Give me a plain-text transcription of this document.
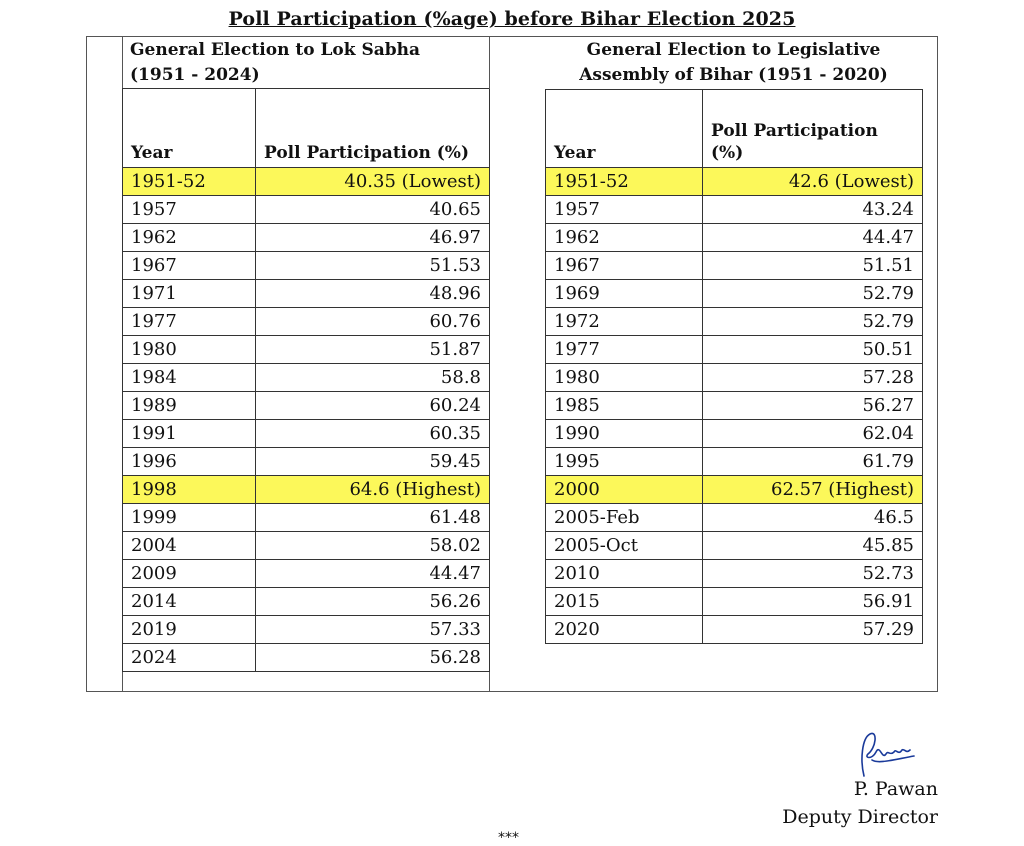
Poll Participation (%age) before Bihar Election 2025
General Election to Lok Sabha (1951 - 2024)
Year	Poll Participation (%)
1951-52	40.35 (Lowest)
1957	40.65
1962	46.97
1967	51.53
1971	48.96
1977	60.76
1980	51.87
1984	58.8
1989	60.24
1991	60.35
1996	59.45
1998	64.6 (Highest)
1999	61.48
2004	58.02
2009	44.47
2014	56.26
2019	57.33
2024	56.28
General Election to Legislative Assembly of Bihar (1951 - 2020)
Year	Poll Participation (%)
1951-52	42.6 (Lowest)
1957	43.24
1962	44.47
1967	51.51
1969	52.79
1972	52.79
1977	50.51
1980	57.28
1985	56.27
1990	62.04
1995	61.79
2000	62.57 (Highest)
2005-Feb	46.5
2005-Oct	45.85
2010	52.73
2015	56.91
2020	57.29
P. Pawan
Deputy Director
***
